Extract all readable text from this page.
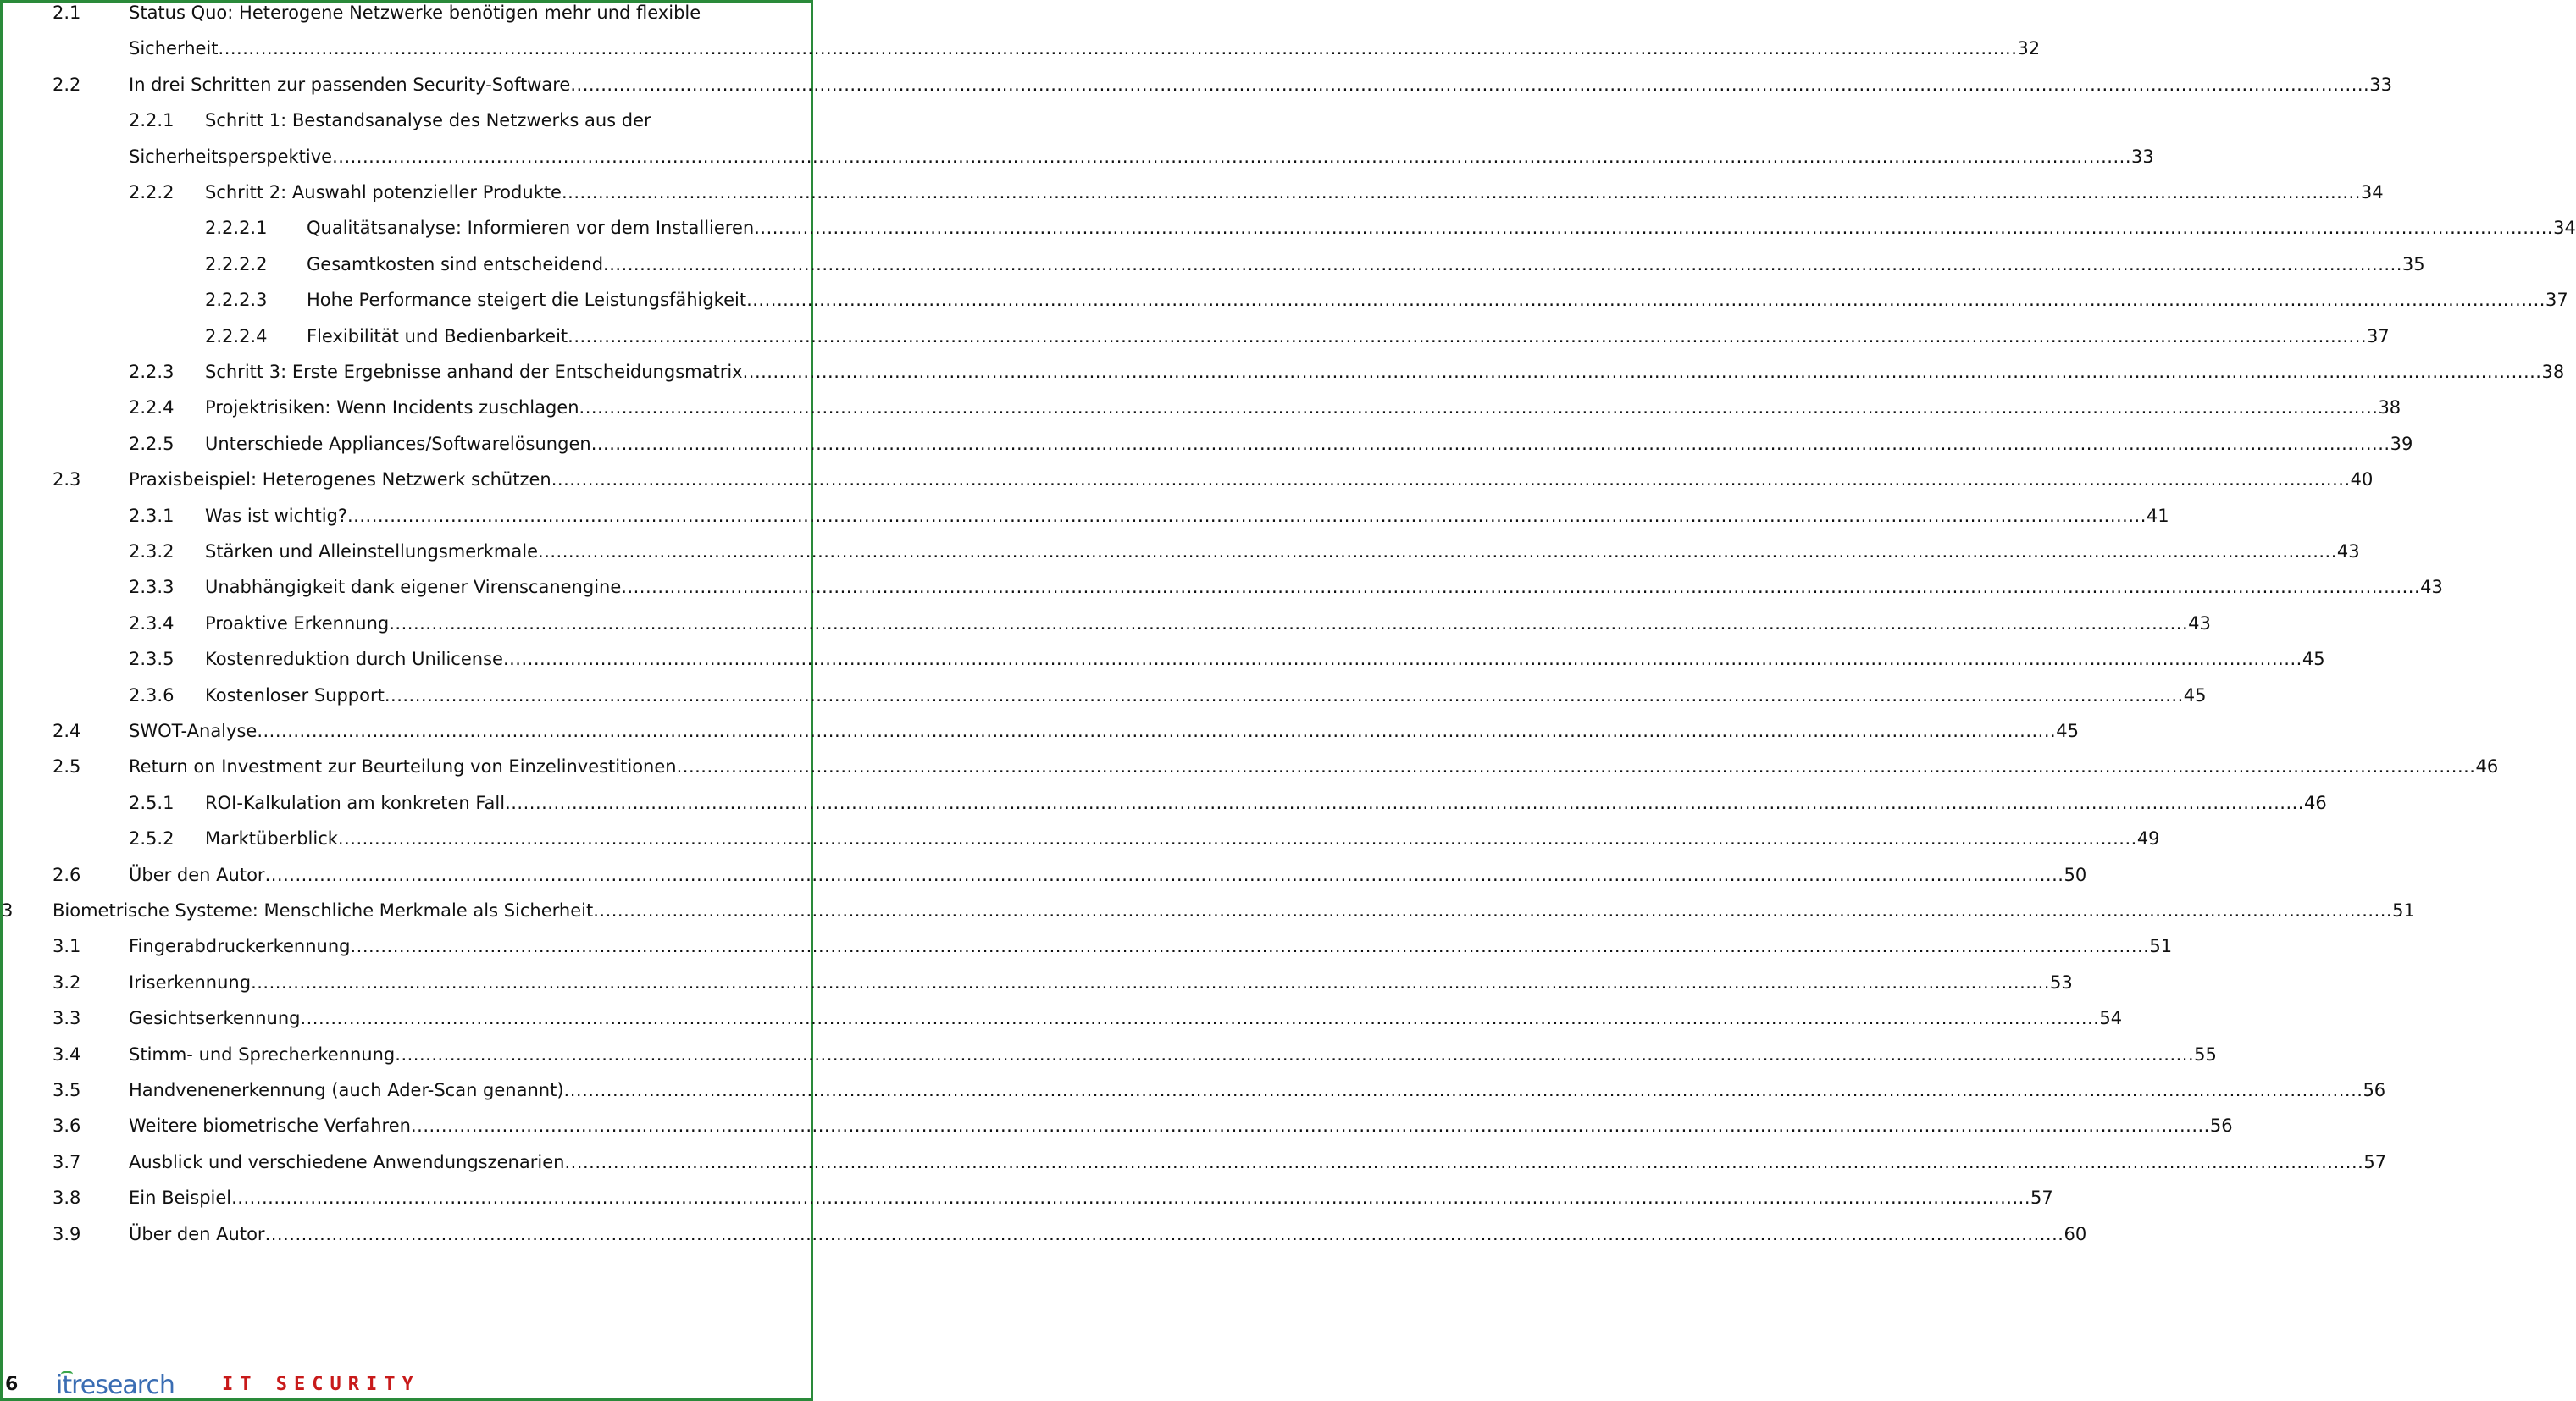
2.1	Status Quo: Heterogene Netzwerke benötigen mehr und flexible
Sicherheit .....	32
2.2	In drei Schritten zur passenden Security-Software .....	33
2.2.1 Schritt 1: Bestandsanalyse des Netzwerks aus der
Sicherheitsperspektive .....	33
2.2.2 Schritt 2: Auswahl potenzieller Produkte .....	34
2.2.2.1 Qualitätsanalyse: Informieren vor dem Installieren .....	34
2.2.2.2 Gesamtkosten sind entscheidend .....	35
2.2.2.3 Hohe Performance steigert die Leistungsfähigkeit .....	37
2.2.2.4 Flexibilität und Bedienbarkeit .....	37
2.2.3 Schritt 3: Erste Ergebnisse anhand der Entscheidungsmatrix .....	38
2.2.4 Projektrisiken: Wenn Incidents zuschlagen .....	38
2.2.5 Unterschiede Appliances/Softwarelösungen .....	39
2.3	Praxisbeispiel: Heterogenes Netzwerk schützen .....	40
2.3.1 Was ist wichtig? .....	41
2.3.2 Stärken und Alleinstellungsmerkmale .....	43
2.3.3 Unabhängigkeit dank eigener Virenscanengine .....	43
2.3.4 Proaktive Erkennung .....	43
2.3.5 Kostenreduktion durch Unilicense .....	45
2.3.6 Kostenloser Support .....	45
2.4	SWOT-Analyse .....	45
2.5	Return on Investment zur Beurteilung von Einzelinvestitionen .....	46
2.5.1 ROI-Kalkulation am konkreten Fall .....	46
2.5.2 Marktüberblick .....	49
2.6	Über den Autor .....	50
3 Biometrische Systeme: Menschliche Merkmale als Sicherheit .....	51
3.1	Fingerabdruckerkennung .....	51
3.2	Iriserkennung .....	53
3.3	Gesichtserkennung .....	54
3.4	Stimm- und Sprecherkennung .....	55
3.5	Handvenenerkennung (auch Ader-Scan genannt) .....	56
3.6	Weitere biometrische Verfahren .....	56
3.7	Ausblick und verschiedene Anwendungszenarien .....	57
3.8	Ein Beispiel .....	57
3.9	Über den Autor .....	60
6 itresearch	IT SECURITY
